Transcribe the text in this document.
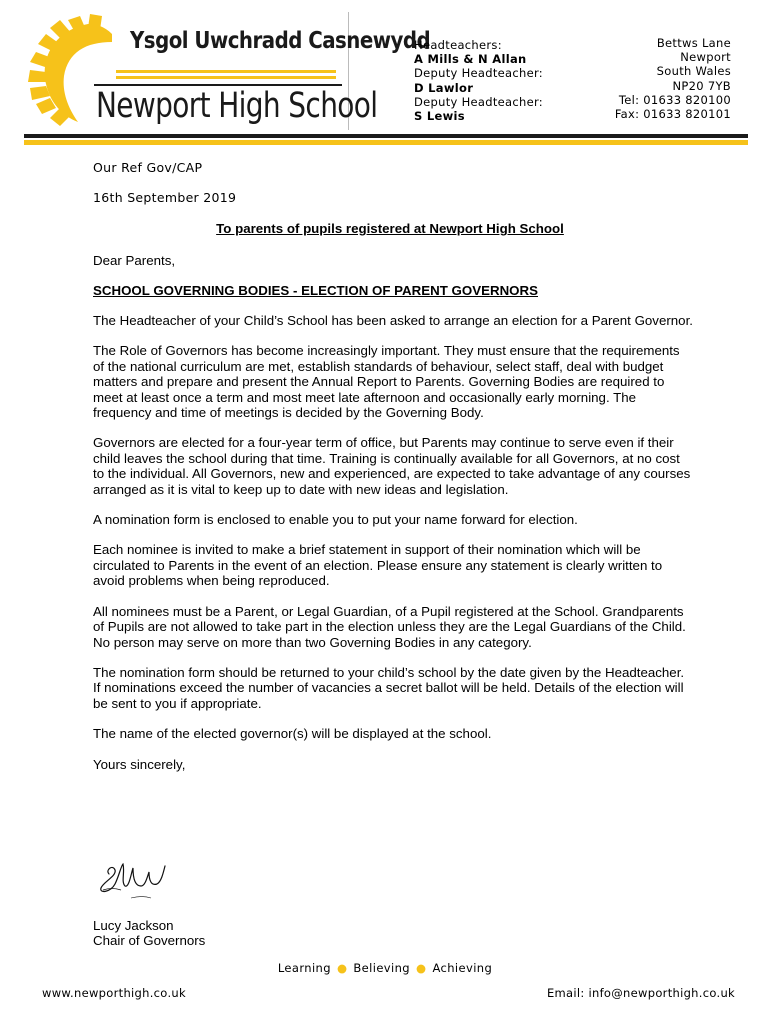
Ysgol Uwchradd Casnewydd
Newport High School
Headteachers:
A Mills & N Allan
Deputy Headteacher:
D Lawlor
Deputy Headteacher:
S Lewis
Bettws Lane
Newport
South Wales
NP20 7YB
Tel: 01633 820100
Fax: 01633 820101
Our Ref Gov/CAP
16th September 2019
To parents of pupils registered at Newport High School
Dear Parents,
SCHOOL GOVERNING BODIES - ELECTION OF PARENT GOVERNORS

The Headteacher of your Child’s School has been asked to arrange an election for a Parent Governor.

The Role of Governors has become increasingly important. They must ensure that the requirements of the national curriculum are met, establish standards of behaviour, select staff, deal with budget matters and prepare and present the Annual Report to Parents. Governing Bodies are required to meet at least once a term and most meet late afternoon and occasionally early morning. The frequency and time of meetings is decided by the Governing Body.

Governors are elected for a four-year term of office, but Parents may continue to serve even if their child leaves the school during that time. Training is continually available for all Governors, at no cost to the individual. All Governors, new and experienced, are expected to take advantage of any courses arranged as it is vital to keep up to date with new ideas and legislation.

A nomination form is enclosed to enable you to put your name forward for election.

Each nominee is invited to make a brief statement in support of their nomination which will be circulated to Parents in the event of an election. Please ensure any statement is clearly written to avoid problems when being reproduced.

All nominees must be a Parent, or Legal Guardian, of a Pupil registered at the School. Grandparents of Pupils are not allowed to take part in the election unless they are the Legal Guardians of the Child. No person may serve on more than two Governing Bodies in any category.

The nomination form should be returned to your child’s school by the date given by the Headteacher. If nominations exceed the number of vacancies a secret ballot will be held. Details of the election will be sent to you if appropriate.

The name of the elected governor(s) will be displayed at the school.

Yours sincerely,

Lucy Jackson
Chair of Governors
Learning ● Believing ● Achieving
www.newporthigh.co.uk	Email: info@newporthigh.co.uk
